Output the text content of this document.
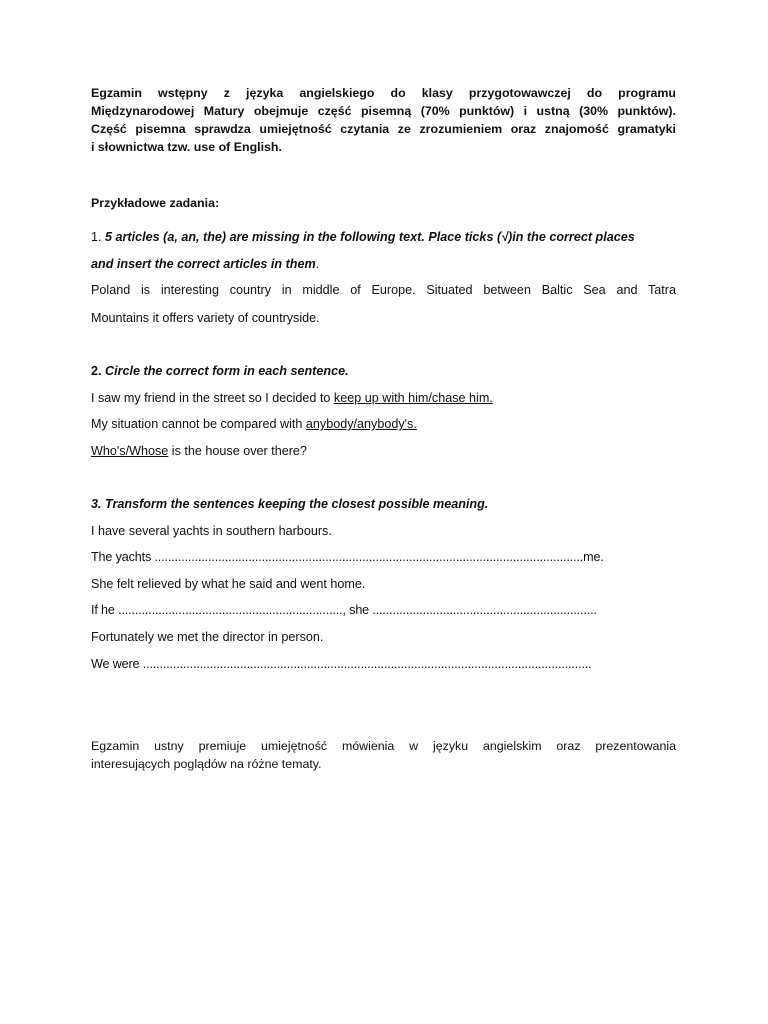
Egzamin wstępny z języka angielskiego do klasy przygotowawczej do programu
Międzynarodowej Matury obejmuje część pisemną (70% punktów) i ustną (30% punktów).
Część pisemna sprawdza umiejętność czytania ze zrozumieniem oraz znajomość gramatyki
i słownictwa tzw. use of English.

Przykładowe zadania:

1. 5 articles (a, an, the) are missing in the following text. Place ticks (√)in the correct places

and insert the correct articles in them.

Poland is interesting country in middle of Europe. Situated between Baltic Sea and Tatra

Mountains it offers variety of countryside.

2. Circle the correct form in each sentence.

I saw my friend in the street so I decided to keep up with him/chase him.

My situation cannot be compared with anybody/anybody's.

Who's/Whose is the house over there?

3. Transform the sentences keeping the closest possible meaning.

I have several yachts in southern harbours.

The yachts ................................................................................................................................me.

She felt relieved by what he said and went home.

If he ..................................................................., she ...................................................................

Fortunately we met the director in person.

We were ......................................................................................................................................

Egzamin ustny premiuje umiejętność mówienia w języku angielskim oraz prezentowania
interesujących poglądów na różne tematy.
